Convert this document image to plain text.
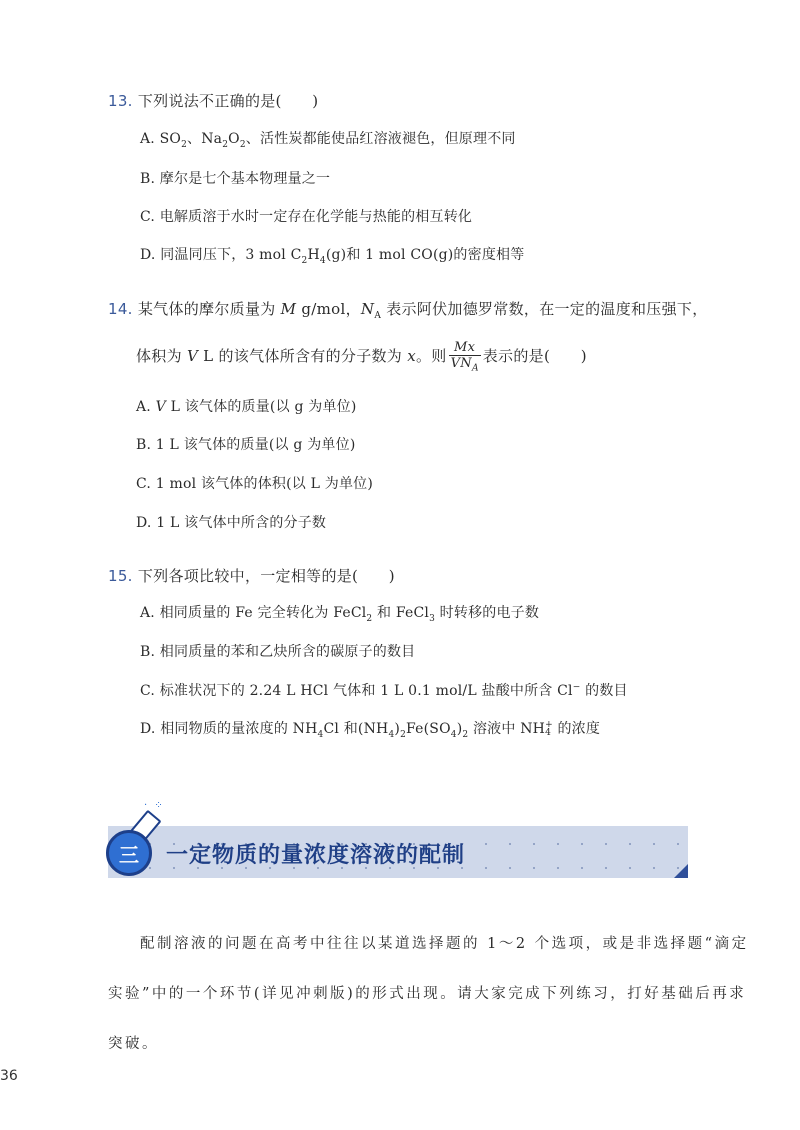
13. 下列说法不正确的是(　　)
A. $SO_2$、$Na_2O_2$、活性炭都能使品红溶液褪色，但原理不同
B. 摩尔是七个基本物理量之一
C. 电解质溶于水时一定存在化学能与热能的相互转化
D. 同温同压下，3 mol $C_2H_4(g)$和 1 mol CO(g)的密度相等
14. 某气体的摩尔质量为 M g/mol，$N_A$ 表示阿伏加德罗常数，在一定的温度和压强下，
体积为 V L 的该气体所含有的分子数为 x。则 $\frac{Mx}{VN_A}$ 表示的是(　　)
A. V L 该气体的质量(以 g 为单位)
B. 1 L 该气体的质量(以 g 为单位)
C. 1 mol 该气体的体积(以 L 为单位)
D. 1 L 该气体中所含的分子数
15. 下列各项比较中，一定相等的是(　　)
A. 相同质量的 Fe 完全转化为 FeCl$_2$ 和 FeCl$_3$ 时转移的电子数
B. 相同质量的苯和乙炔所含的碳原子的数目
C. 标准状况下的 2.24 L HCl 气体和 1 L 0.1 mol/L 盐酸中所含 Cl− 的数目
D. 相同物质的量浓度的 $NH_4Cl$ 和$(NH_4)_2Fe(SO_4)_2$ 溶液中 NH +
4 的浓度
· ⁘
三	一定物质的量浓度溶液的配制
配制溶液的问题在高考中往往以某道选择题的 1～2 个选项，或是非选择题“滴定
实验”中的一个环节(详见冲刺版)的形式出现。请大家完成下列练习，打好基础后再求
突破。
36
